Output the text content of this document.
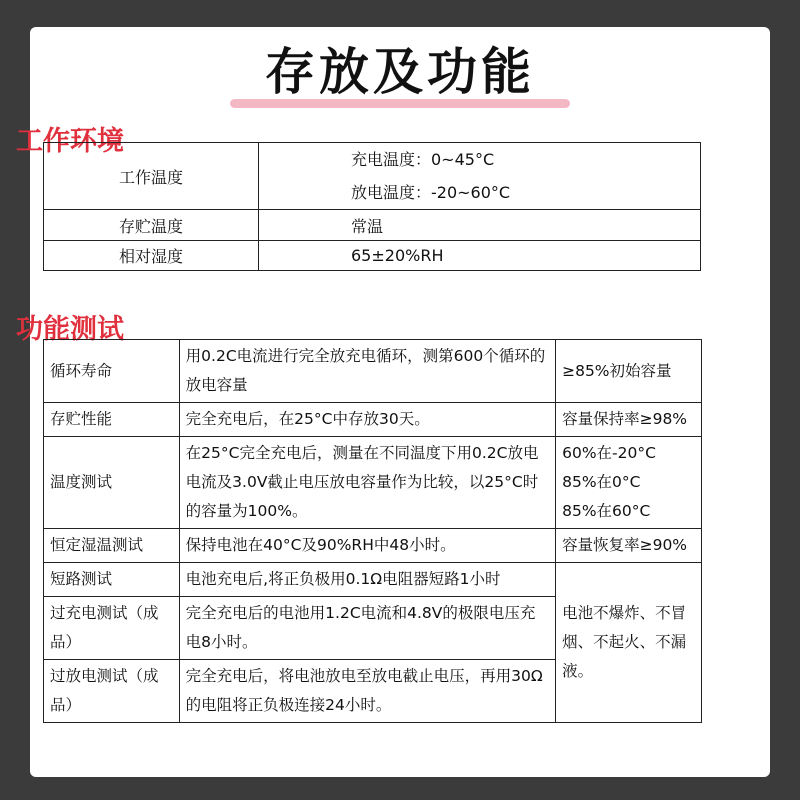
存放及功能
工作环境
工作温度	充电温度：0~45°C
放电温度：-20~60°C

存贮温度	常温
相对湿度	65±20%RH
功能测试
循环寿命	用0.2C电流进行完全放充电循环，测第600个循环的放电容量	≥85%初始容量
存贮性能	完全充电后，在25°C中存放30天。	容量保持率≥98%
温度测试	在25°C完全充电后，测量在不同温度下用0.2C放电电流及3.0V截止电压放电容量作为比较，以25°C时的容量为100%。	60%在-20°C
85%在0°C
85%在60°C

恒定湿温测试	保持电池在40°C及90%RH中48小时。	容量恢复率≥90%
短路测试	电池充电后,将正负极用0.1Ω电阻器短路1小时	电池不爆炸、不冒烟、不起火、不漏液。
过充电测试（成品）	完全充电后的电池用1.2C电流和4.8V的极限电压充电8小时。	
过放电测试（成品）	完全充电后，将电池放电至放电截止电压，再用30Ω的电阻将正负极连接24小时。	
